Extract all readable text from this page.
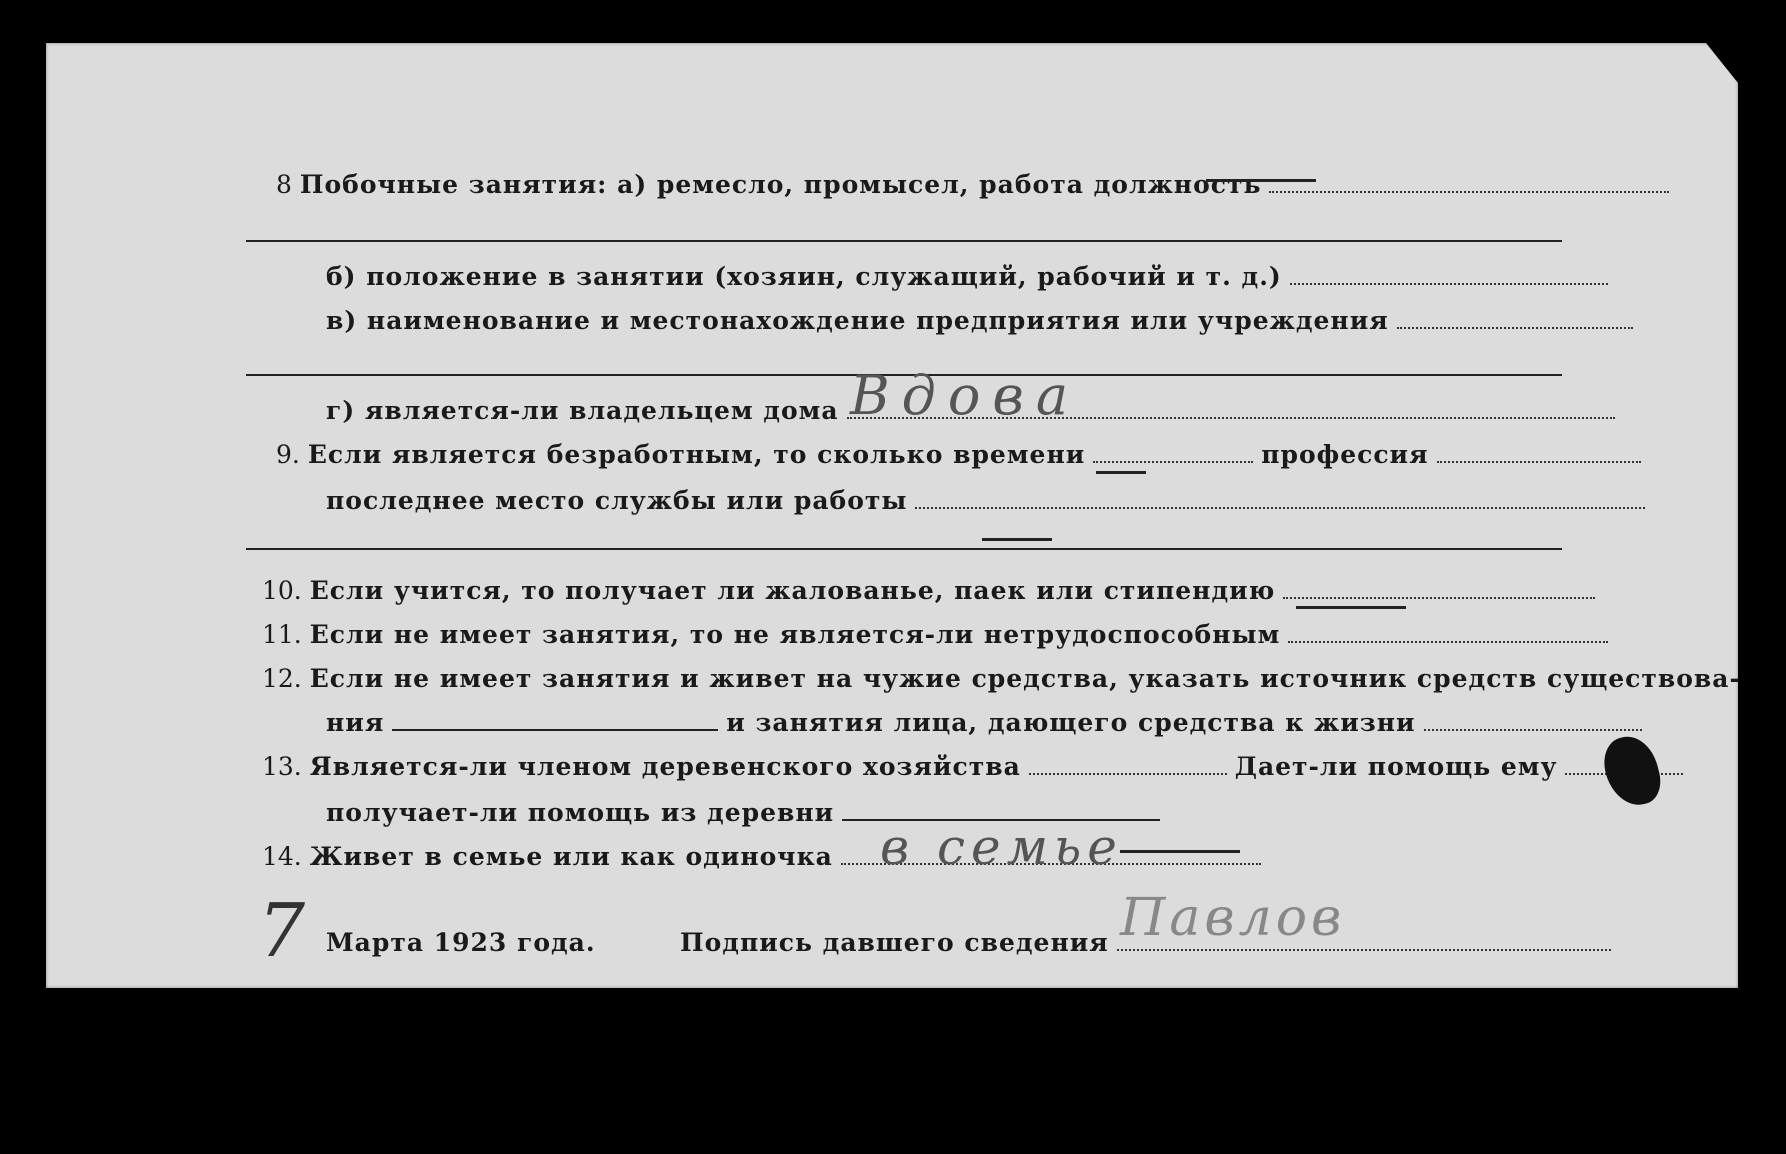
8 Побочные занятия: а) ремесло, промысел, работа должность
б) положение в занятии (хозяин, служащий, рабочий и т. д.)
в) наименование и местонахождение предприятия или учреждения
г) является-ли владельцем дома Вдова
9. Если является безработным, то сколько времени	профессия
последнее место службы или работы
10. Если учится, то получает ли жалованье, паек или стипендию
11. Если не имеет занятия, то не является-ли нетрудоспособным
12. Если не имеет занятия и живет на чужие средства, указать источник средств существова-
ния	и занятия лица, дающего средства к жизни
13. Является-ли членом деревенского хозяйства	Дает-ли помощь ему
получает-ли помощь из деревни
14. Живет в семье или как одиночка в семье
7 Марта 1923 года.	Подпись давшего сведения Павлов
